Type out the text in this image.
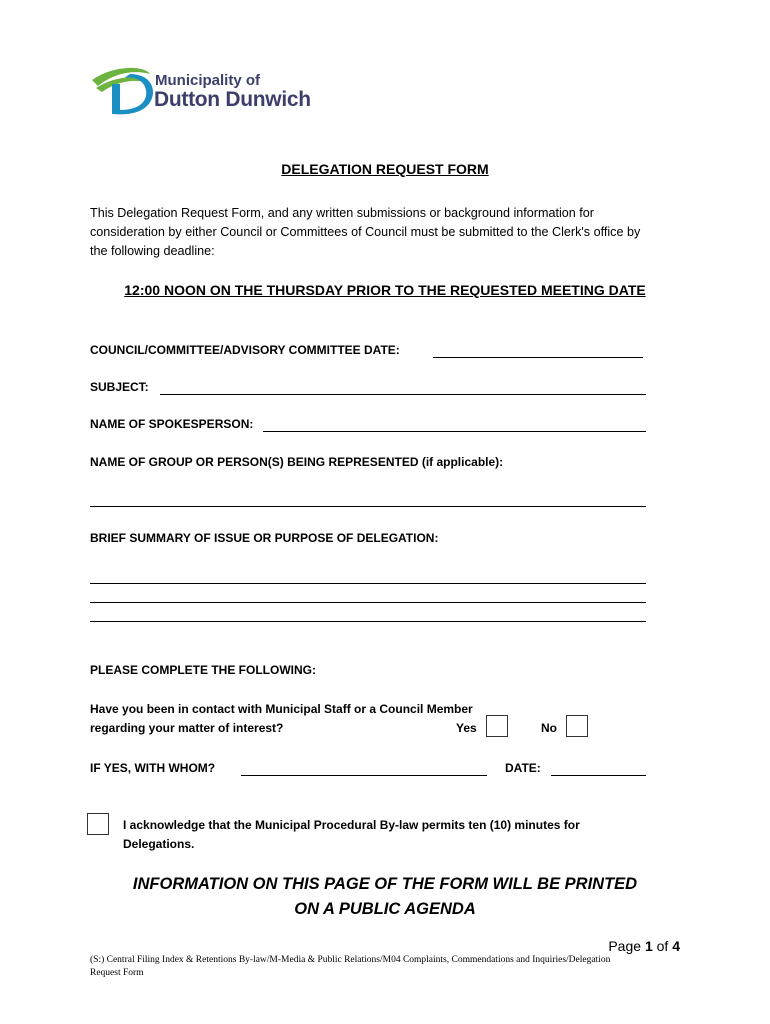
Municipality of
Dutton Dunwich
DELEGATION REQUEST FORM
This Delegation Request Form, and any written submissions or background information for consideration by either Council or Committees of Council must be submitted to the Clerk's office by the following deadline:
12:00 NOON ON THE THURSDAY PRIOR TO THE REQUESTED MEETING DATE
COUNCIL/COMMITTEE/ADVISORY COMMITTEE DATE:
SUBJECT:
NAME OF SPOKESPERSON:
NAME OF GROUP OR PERSON(S) BEING REPRESENTED (if applicable):
BRIEF SUMMARY OF ISSUE OR PURPOSE OF DELEGATION:
PLEASE COMPLETE THE FOLLOWING:
Have you been in contact with Municipal Staff or a Council Member
regarding your matter of interest?	Yes	No
IF YES, WITH WHOM?	DATE:
I acknowledge that the Municipal Procedural By-law permits ten (10) minutes for
Delegations.
INFORMATION ON THIS PAGE OF THE FORM WILL BE PRINTED
ON A PUBLIC AGENDA
Page 1 of 4
(S:) Central Filing Index & Retentions By-law/M-Media & Public Relations/M04 Complaints, Commendations and Inquiries/Delegation Request Form
